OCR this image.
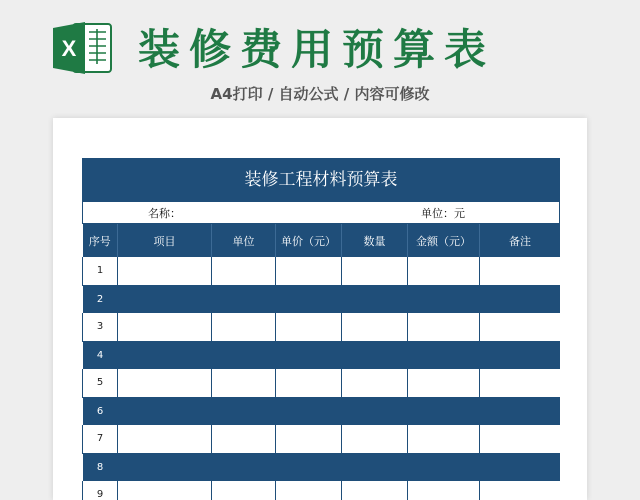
X 装修费用预算表
A4打印 / 自动公式 / 内容可修改
装修工程材料预算表
名称：	单位：元
序号	项目	单位	单价（元）	数量	金额（元）	备注
1						
2						
3						
4						
5						
6						
7						
8						
9						
